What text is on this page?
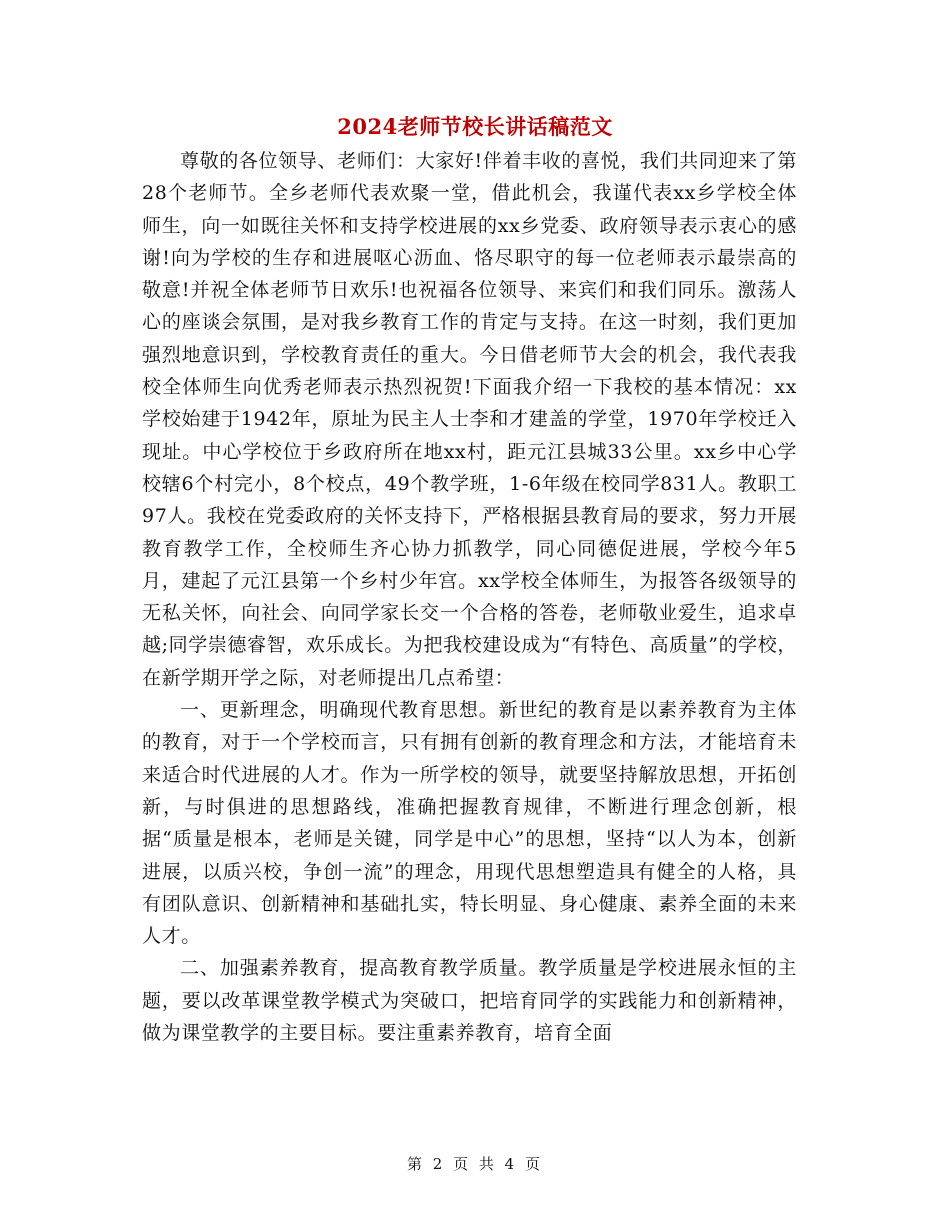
2024老师节校长讲话稿范文

尊敬的各位领导、老师们：大家好!伴着丰收的喜悦，我们共同迎来了第28个老师节。全乡老师代表欢聚一堂，借此机会，我谨代表xx乡学校全体师生，向一如既往关怀和支持学校进展的xx乡党委、政府领导表示衷心的感谢!向为学校的生存和进展呕心沥血、恪尽职守的每一位老师表示最崇高的敬意!并祝全体老师节日欢乐!也祝福各位领导、来宾们和我们同乐。激荡人心的座谈会氛围，是对我乡教育工作的肯定与支持。在这一时刻，我们更加强烈地意识到，学校教育责任的重大。今日借老师节大会的机会，我代表我校全体师生向优秀老师表示热烈祝贺!下面我介绍一下我校的基本情况：xx学校始建于1942年，原址为民主人士李和才建盖的学堂，1970年学校迁入现址。中心学校位于乡政府所在地xx村，距元江县城33公里。xx乡中心学校辖6个村完小，8个校点，49个教学班，1-6年级在校同学831人。教职工97人。我校在党委政府的关怀支持下，严格根据县教育局的要求，努力开展教育教学工作，全校师生齐心协力抓教学，同心同德促进展，学校今年5月，建起了元江县第一个乡村少年宫。xx学校全体师生，为报答各级领导的无私关怀，向社会、向同学家长交一个合格的答卷，老师敬业爱生，追求卓越;同学崇德睿智，欢乐成长。为把我校建设成为“有特色、高质量”的学校，在新学期开学之际，对老师提出几点希望：

一、更新理念，明确现代教育思想。新世纪的教育是以素养教育为主体的教育，对于一个学校而言，只有拥有创新的教育理念和方法，才能培育未来适合时代进展的人才。作为一所学校的领导，就要坚持解放思想，开拓创新，与时俱进的思想路线，准确把握教育规律，不断进行理念创新，根据“质量是根本，老师是关键，同学是中心”的思想，坚持“以人为本，创新进展，以质兴校，争创一流”的理念，用现代思想塑造具有健全的人格，具有团队意识、创新精神和基础扎实，特长明显、身心健康、素养全面的未来人才。

二、加强素养教育，提高教育教学质量。教学质量是学校进展永恒的主题，要以改革课堂教学模式为突破口，把培育同学的实践能力和创新精神，做为课堂教学的主要目标。要注重素养教育，培育全面

第 2 页 共 4 页
